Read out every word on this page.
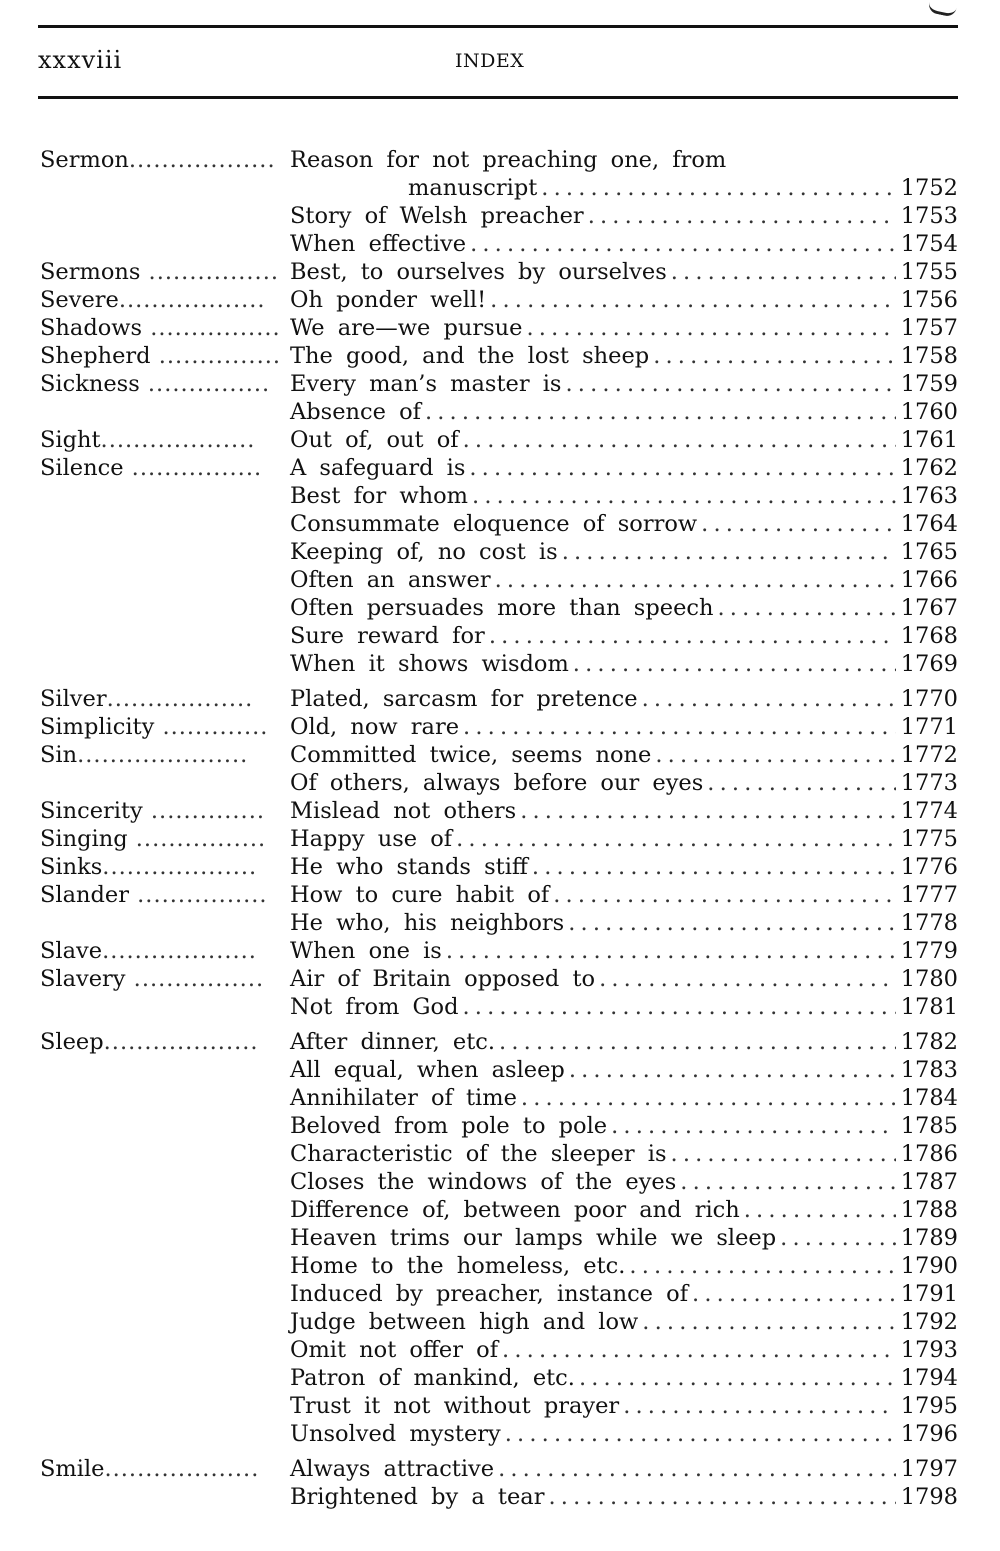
xxxviii	INDEX
Sermon.................. Reason for not preaching one, from
manuscript . . .	1752
Story of Welsh preacher . . .	1753
When effective . . .	1754
Sermons ................ Best, to ourselves by ourselves . . .	1755
Severe.................. Oh ponder well! . . .	1756
Shadows ................ We are—we pursue . . .	1757
Shepherd ............... The good, and the lost sheep . . .	1758
Sickness ............... Every man’s master is . . .	1759
Absence of . . .	1760
Sight................... Out of, out of . . .	1761
Silence ................ A safeguard is . . .	1762
Best for whom . . .	1763
Consummate eloquence of sorrow . . .	1764
Keeping of, no cost is . . .	1765
Often an answer . . .	1766
Often persuades more than speech . . .	1767
Sure reward for . . .	1768
When it shows wisdom . . .	1769
Silver.................. Plated, sarcasm for pretence . . .	1770
Simplicity ............. Old, now rare . . .	1771
Sin..................... Committed twice, seems none . . .	1772
Of others, always before our eyes . . .	1773
Sincerity .............. Mislead not others . . .	1774
Singing ................ Happy use of . . .	1775
Sinks................... He who stands stiff . . .	1776
Slander ................ How to cure habit of . . .	1777
He who, his neighbors . . .	1778
Slave................... When one is . . .	1779
Slavery ................ Air of Britain opposed to . . .	1780
Not from God . . .	1781
Sleep................... After dinner, etc. . . .	1782
All equal, when asleep . . .	1783
Annihilater of time . . .	1784
Beloved from pole to pole . . .	1785
Characteristic of the sleeper is . . .	1786
Closes the windows of the eyes . . .	1787
Difference of, between poor and rich . . .	1788
Heaven trims our lamps while we sleep . . .	1789
Home to the homeless, etc. . . .	1790
Induced by preacher, instance of . . .	1791
Judge between high and low . . .	1792
Omit not offer of . . .	1793
Patron of mankind, etc. . . .	1794
Trust it not without prayer . . .	1795
Unsolved mystery . . .	1796
Smile................... Always attractive . . .	1797
Brightened by a tear . . .	1798
